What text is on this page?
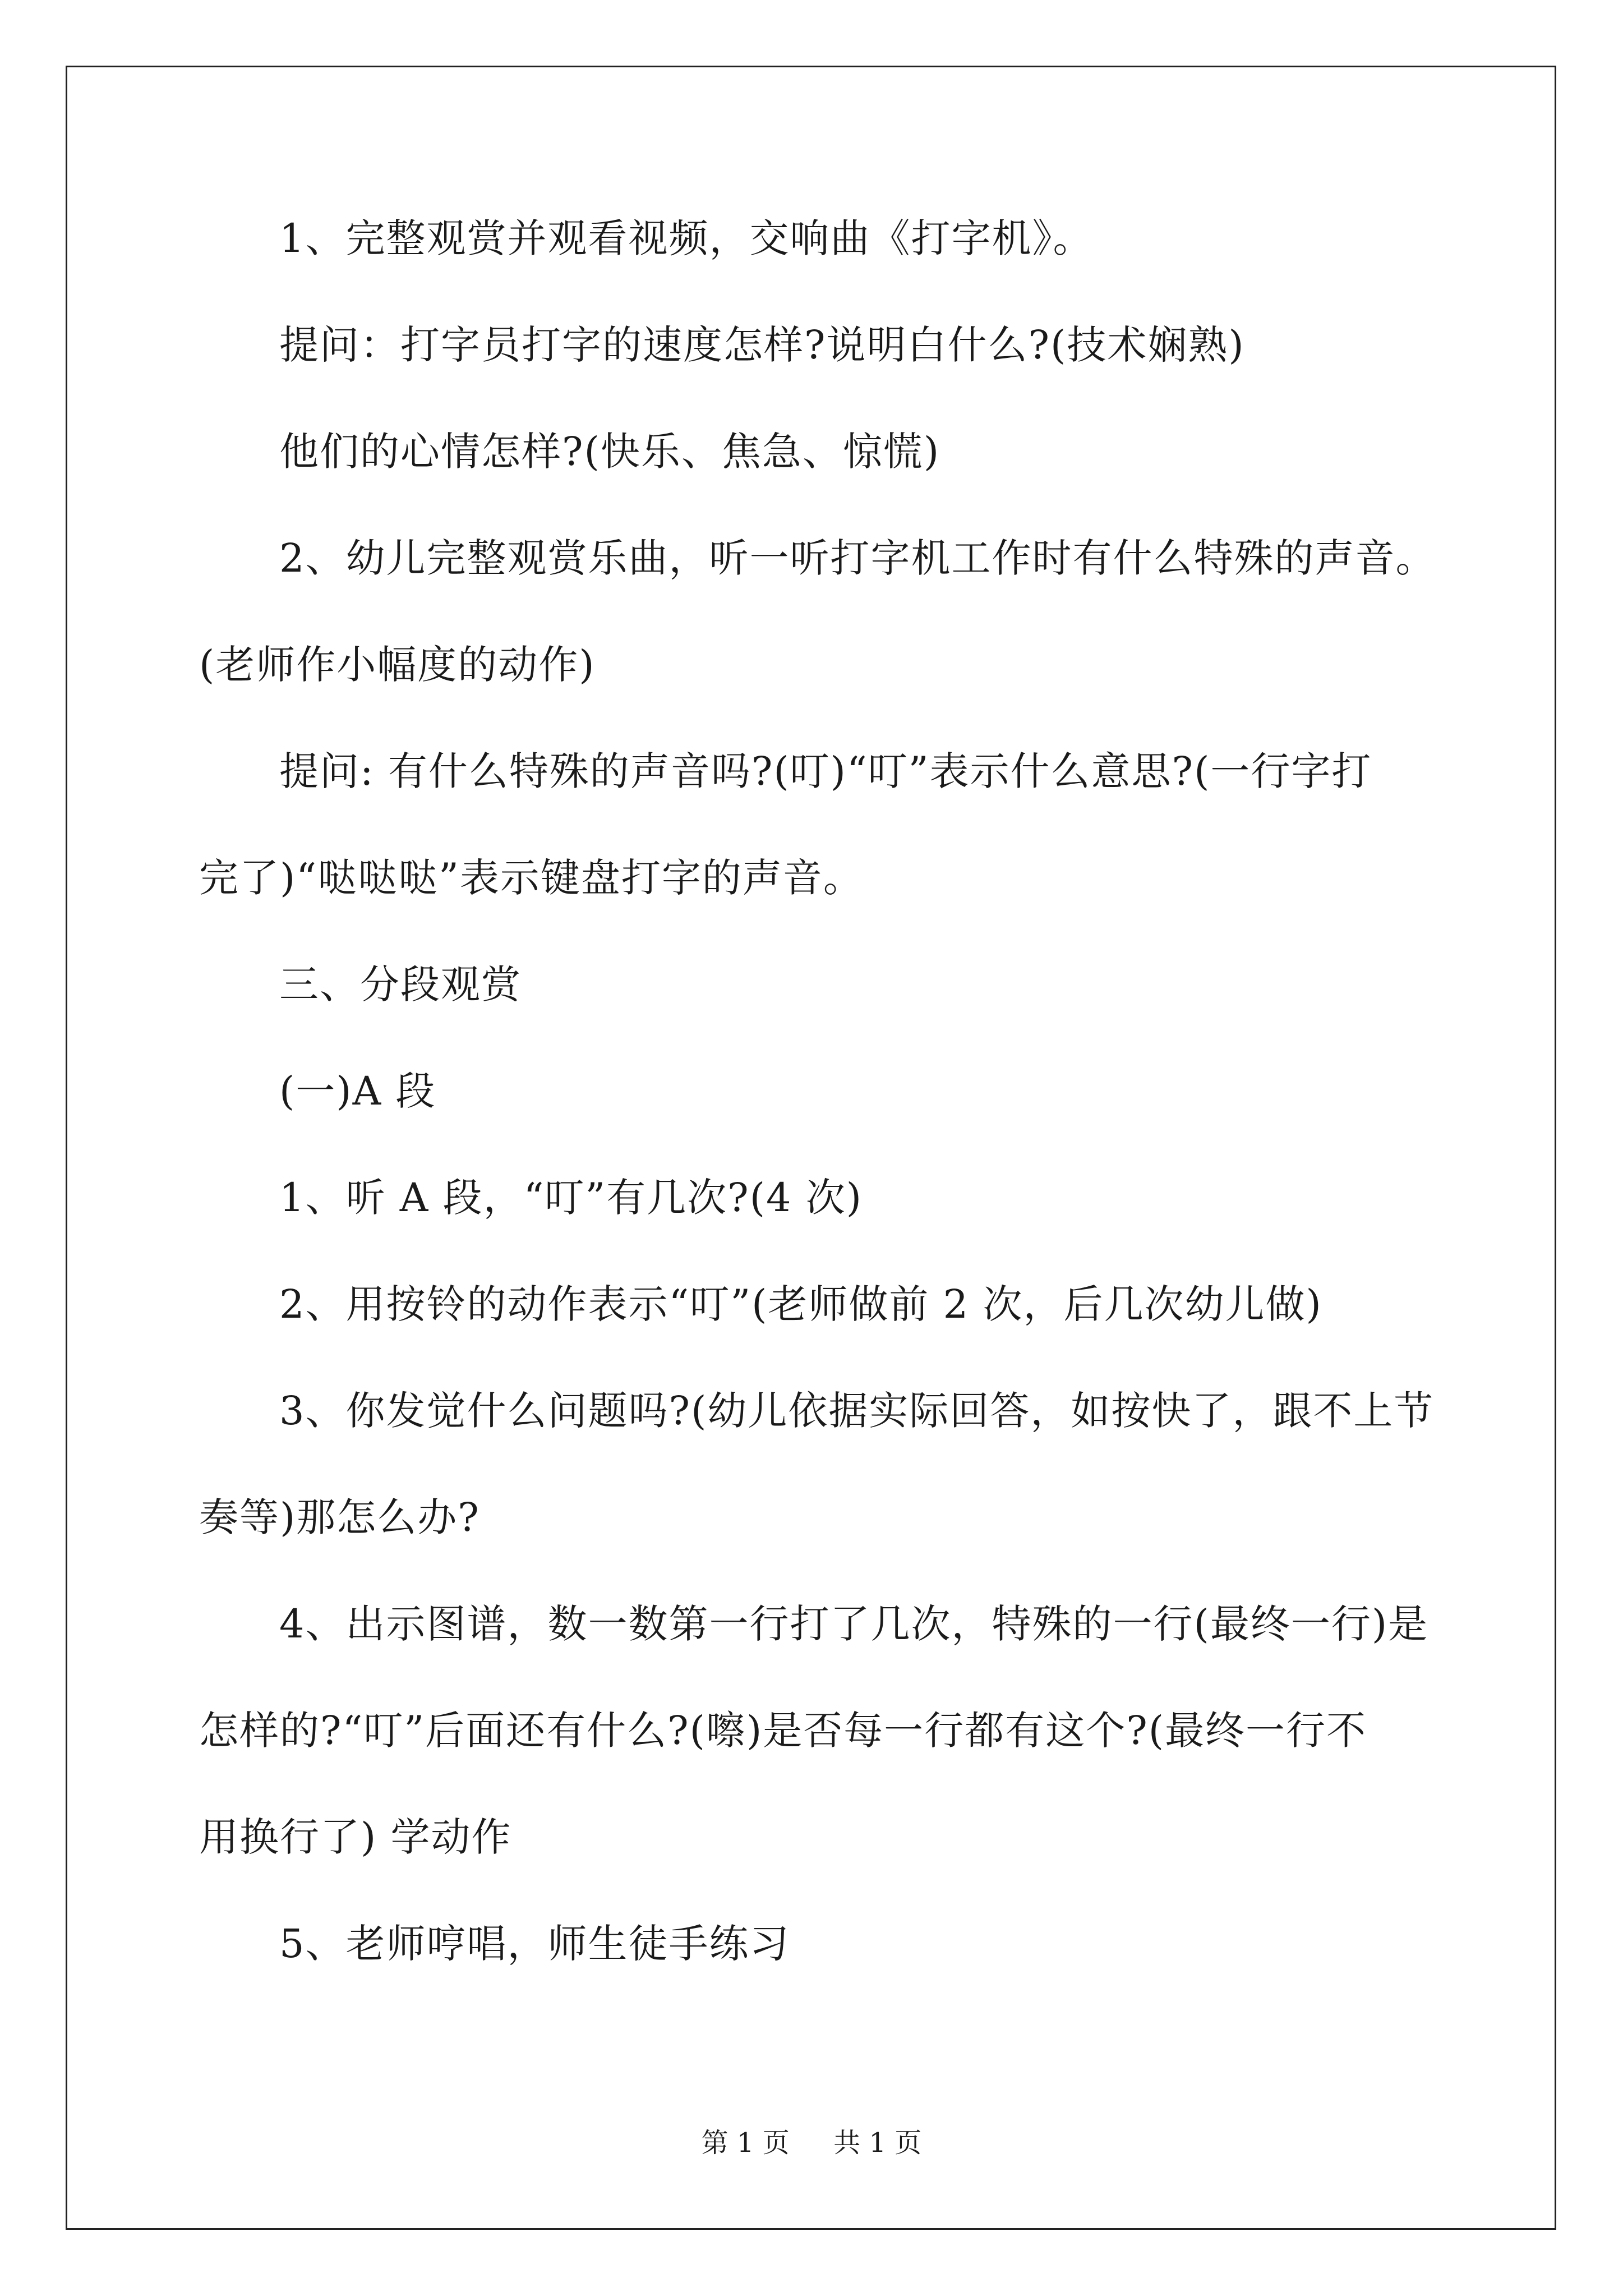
1、完整观赏并观看视频，交响曲《打字机》。
提问：打字员打字的速度怎样?说明白什么?(技术娴熟)
他们的心情怎样?(快乐、焦急、惊慌)
2、幼儿完整观赏乐曲，听一听打字机工作时有什么特殊的声音。
(老师作小幅度的动作)
提问: 有什么特殊的声音吗?(叮)“叮”表示什么意思?(一行字打
完了)“哒哒哒”表示键盘打字的声音。
三、分段观赏
(一)A 段
1、听 A 段，“叮”有几次?(4 次)
2、用按铃的动作表示“叮”(老师做前 2 次，后几次幼儿做)
3、你发觉什么问题吗?(幼儿依据实际回答，如按快了，跟不上节
奏等)那怎么办?
4、出示图谱，数一数第一行打了几次，特殊的一行(最终一行)是
怎样的?“叮”后面还有什么?(嚓)是否每一行都有这个?(最终一行不
用换行了) 学动作
5、老师哼唱，师生徒手练习
第 1 页 共 1 页
